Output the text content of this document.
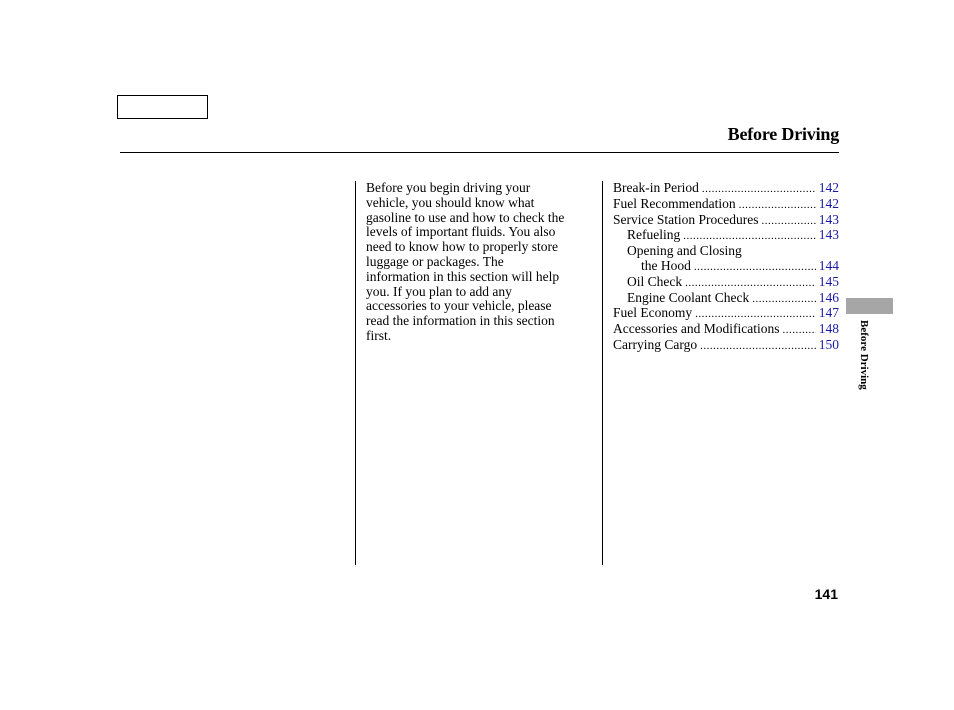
Before Driving
Before you begin driving your
vehicle, you should know what
gasoline to use and how to check the
levels of important fluids. You also
need to know how to properly store
luggage or packages. The
information in this section will help
you. If you plan to add any
accessories to your vehicle, please
read the information in this section
first.
Break-in Period .....	142
Fuel Recommendation .....	142
Service Station Procedures .....	143
Refueling .....	143
Opening and Closing
the Hood .....	144
Oil Check .....	145
Engine Coolant Check .....	146
Fuel Economy .....	147
Accessories and Modifications .....	148
Carrying Cargo .....	150 Before Driving
141
